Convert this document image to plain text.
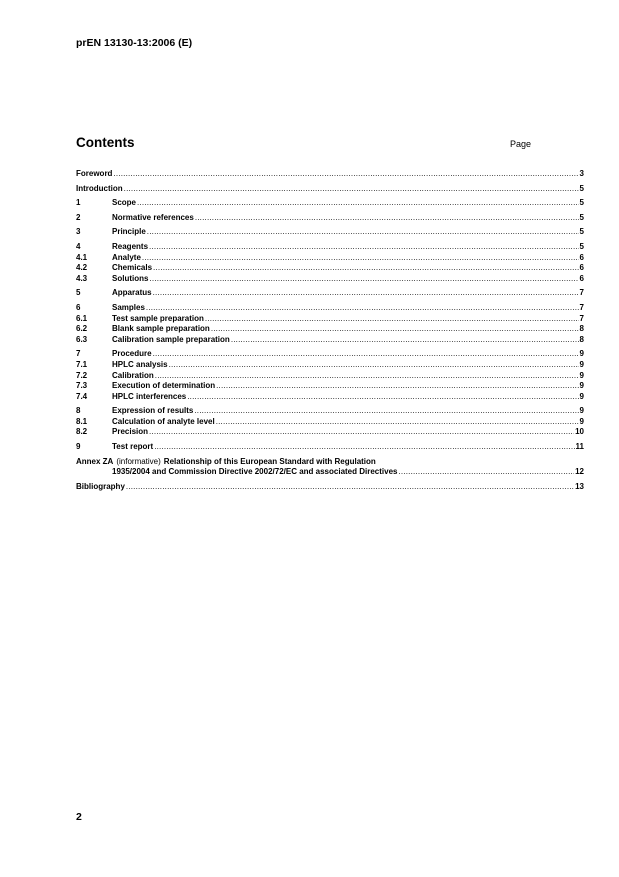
prEN 13130-13:2006 (E)
Contents	Page
Foreword .....	3
Introduction .....	5
1	Scope .....	5
2	Normative references .....	5
3	Principle .....	5
4	Reagents .....	5
4.1	Analyte .....	6
4.2	Chemicals .....	6
4.3	Solutions .....	6
5	Apparatus .....	7
6	Samples .....	7
6.1	Test sample preparation .....	7
6.2	Blank sample preparation .....	8
6.3	Calibration sample preparation .....	8
7	Procedure .....	9
7.1	HPLC analysis .....	9
7.2	Calibration .....	9
7.3	Execution of determination .....	9
7.4	HPLC interferences .....	9
8	Expression of results .....	9
8.1	Calculation of analyte level .....	9
8.2	Precision .....	10
9	Test report .....	11
Annex ZA (informative) Relationship of this European Standard with Regulation
1935/2004 and Commission Directive 2002/72/EC and associated Directives .....	12
Bibliography .....	13
2
